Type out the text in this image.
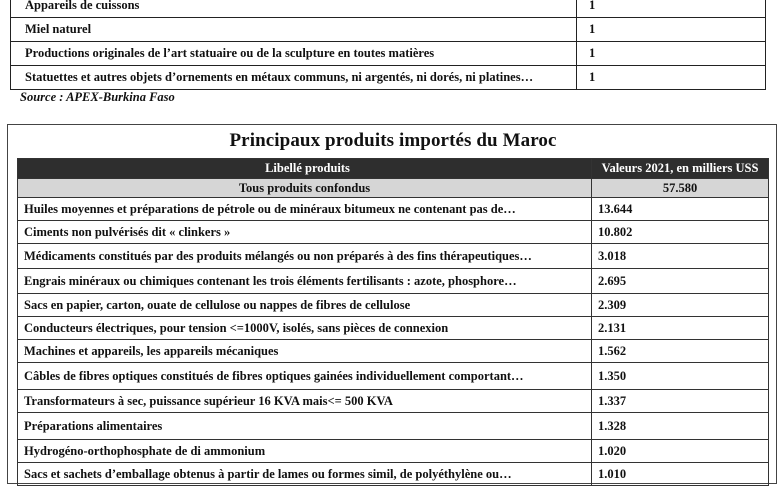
Appareils de cuissons	1
Miel naturel	1
Productions originales de l’art statuaire ou de la sculpture en toutes matières	1
Statuettes et autres objets d’ornements en métaux communs, ni argentés, ni dorés, ni platines…	1
Source : APEX-Burkina Faso
Principaux produits importés du Maroc
Libellé produits	Valeurs 2021, en milliers USS
Tous produits confondus	57.580
Huiles moyennes et préparations de pétrole ou de minéraux bitumeux ne contenant pas de…	13.644
Ciments non pulvérisés dit « clinkers »	10.802
Médicaments constitués par des produits mélangés ou non préparés à des fins thérapeutiques…	3.018
Engrais minéraux ou chimiques contenant les trois éléments fertilisants : azote, phosphore…	2.695
Sacs en papier, carton, ouate de cellulose ou nappes de fibres de cellulose	2.309
Conducteurs électriques, pour tension <=1000V, isolés, sans pièces de connexion	2.131
Machines et appareils, les appareils mécaniques	1.562
Câbles de fibres optiques constitués de fibres optiques gainées individuellement comportant…	1.350
Transformateurs à sec, puissance supérieur 16 KVA mais<= 500 KVA	1.337
Préparations alimentaires	1.328
Hydrogéno-orthophosphate de di ammonium	1.020
Sacs et sachets d’emballage obtenus à partir de lames ou formes simil, de polyéthylène ou…	1.010
